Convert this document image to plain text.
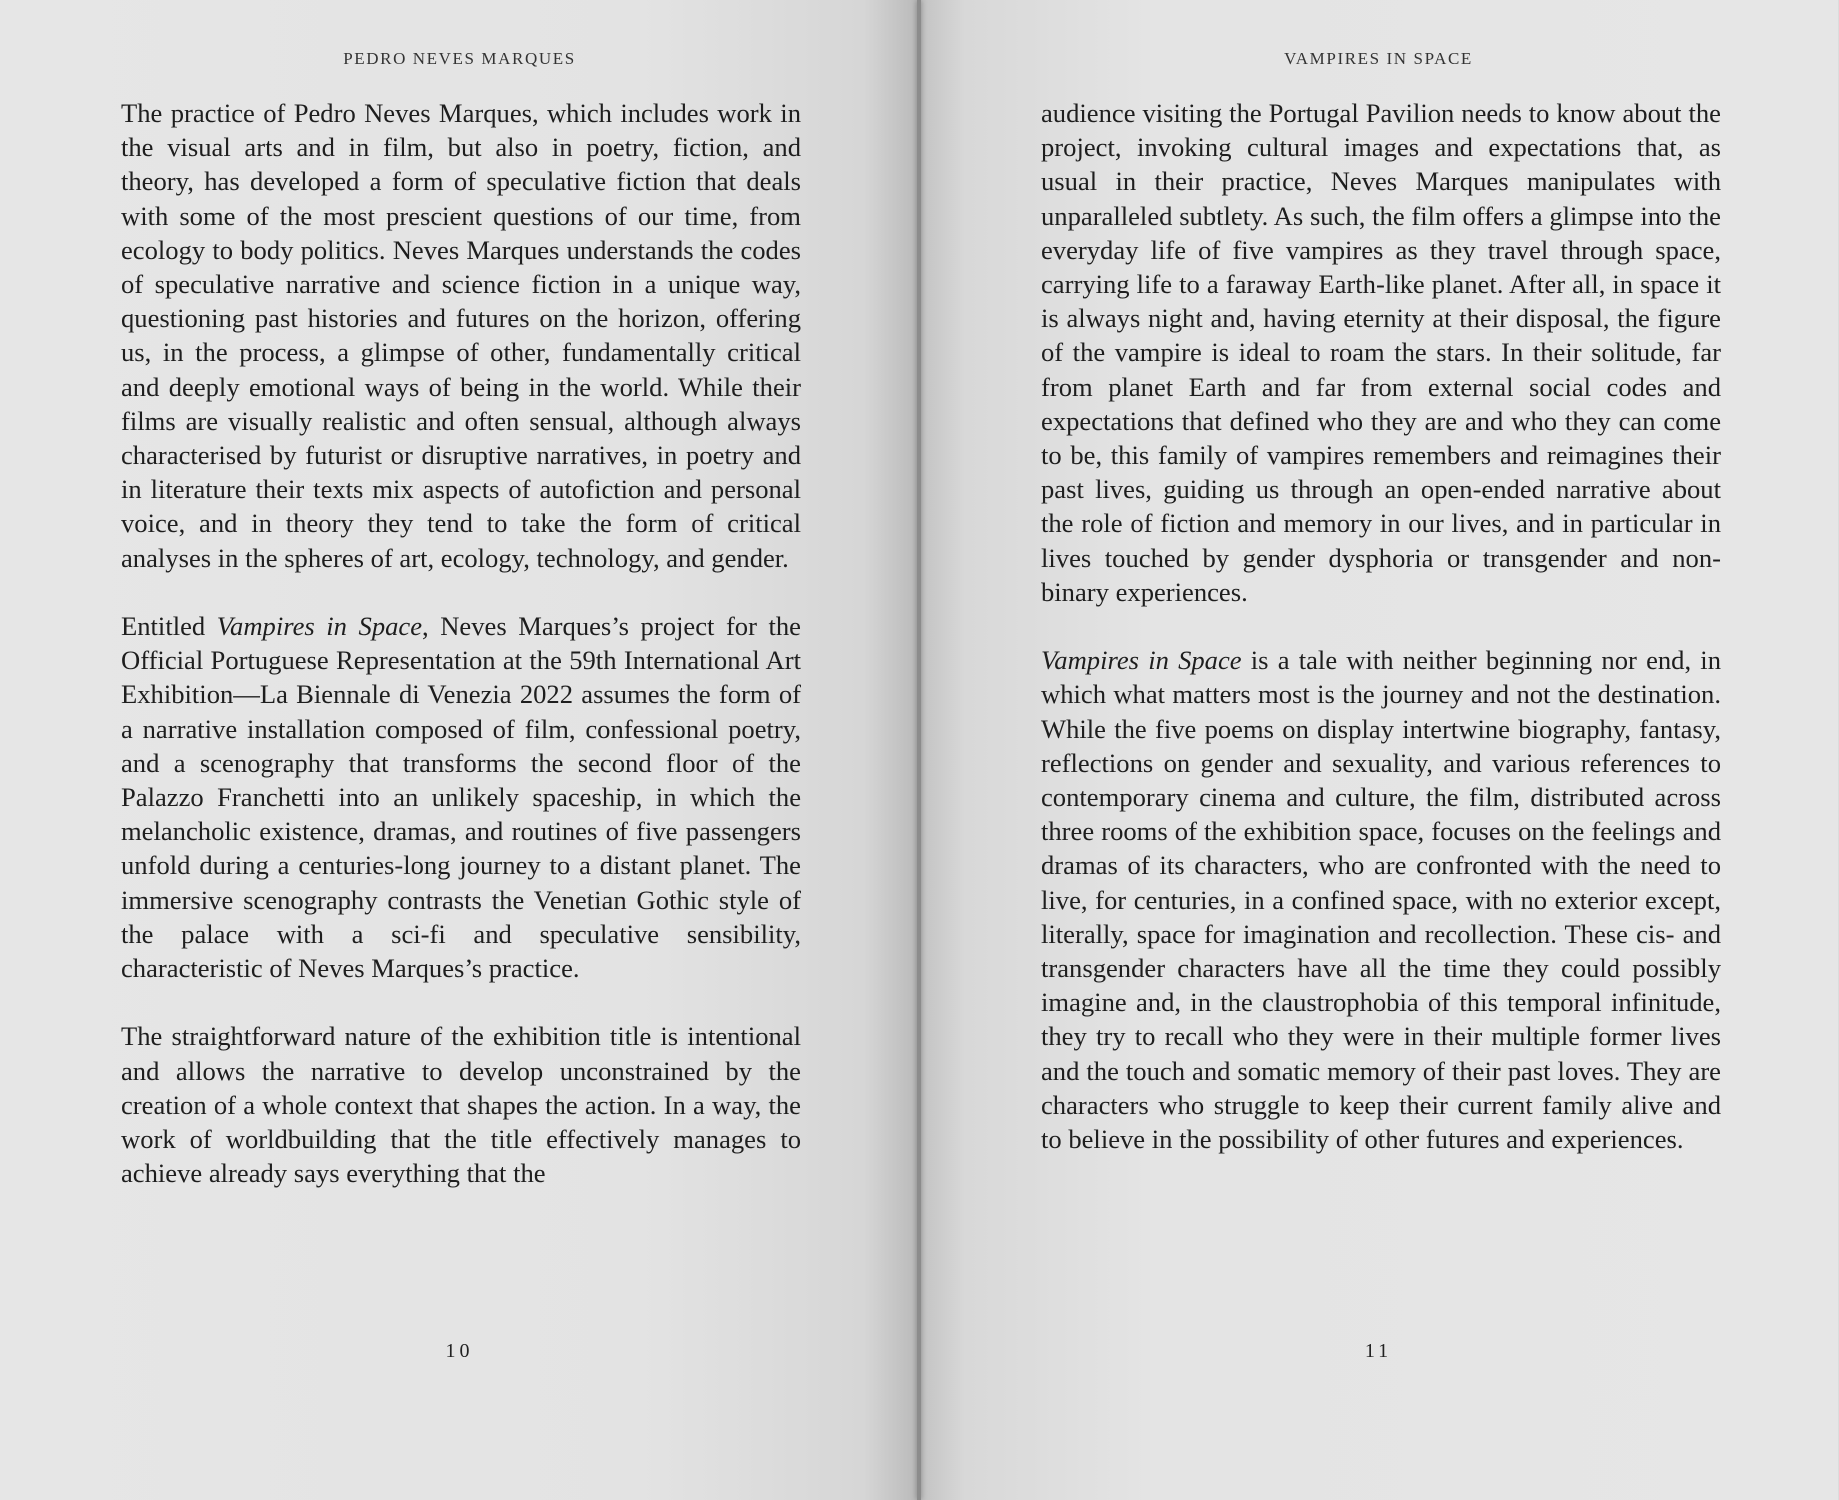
PEDRO NEVES MARQUES

The practice of Pedro Neves Marques, which includes work in the visual arts and in film, but also in poetry, fiction, and theory, has developed a form of speculative fiction that deals with some of the most prescient questions of our time, from ecology to body politics. Neves Marques understands the codes of speculative narrative and science fiction in a unique way, questioning past histories and futures on the horizon, offering us, in the process, a glimpse of other, fundamentally critical and deeply emotional ways of being in the world. While their films are visually realistic and often sensual, although always characterised by futurist or disruptive narratives, in poetry and in literature their texts mix aspects of autofiction and personal voice, and in theory they tend to take the form of critical analyses in the spheres of art, ecology, technology, and gender.

Entitled Vampires in Space, Neves Marques’s project for the Official Portuguese Representation at the 59th International Art Exhibition—La Biennale di Venezia 2022 assumes the form of a narrative installation composed of film, confessional poetry, and a scenography that transforms the second floor of the Palazzo Franchetti into an unlikely spaceship, in which the melancholic existence, dramas, and routines of five passengers unfold during a centuries-long journey to a distant planet. The immersive scenography contrasts the Venetian Gothic style of the palace with a sci-fi and speculative sensibility, characteristic of Neves Marques’s practice.

The straightforward nature of the exhibition title is intentional and allows the narrative to develop unconstrained by the creation of a whole context that shapes the action. In a way, the work of worldbuilding that the title effectively manages to achieve already says everything that the

10
VAMPIRES IN SPACE

audience visiting the Portugal Pavilion needs to know about the project, invoking cultural images and expectations that, as usual in their practice, Neves Marques manipulates with unparalleled subtlety. As such, the film offers a glimpse into the everyday life of five vampires as they travel through space, carrying life to a faraway Earth-like planet. After all, in space it is always night and, having eternity at their disposal, the figure of the vampire is ideal to roam the stars. In their solitude, far from planet Earth and far from external social codes and expectations that defined who they are and who they can come to be, this family of vampires remembers and reimagines their past lives, guiding us through an open-ended narrative about the role of fiction and memory in our lives, and in particular in lives touched by gender dysphoria or transgender and non-binary experiences.

Vampires in Space is a tale with neither beginning nor end, in which what matters most is the journey and not the destination. While the five poems on display intertwine biography, fantasy, reflections on gender and sexuality, and various references to contemporary cinema and culture, the film, distributed across three rooms of the exhibition space, focuses on the feelings and dramas of its characters, who are confronted with the need to live, for centuries, in a confined space, with no exterior except, literally, space for imagination and recollection. These cis- and transgender characters have all the time they could possibly imagine and, in the claustrophobia of this temporal infinitude, they try to recall who they were in their multiple former lives and the touch and somatic memory of their past loves. They are characters who struggle to keep their current family alive and to believe in the possibility of other futures and experiences.

11
